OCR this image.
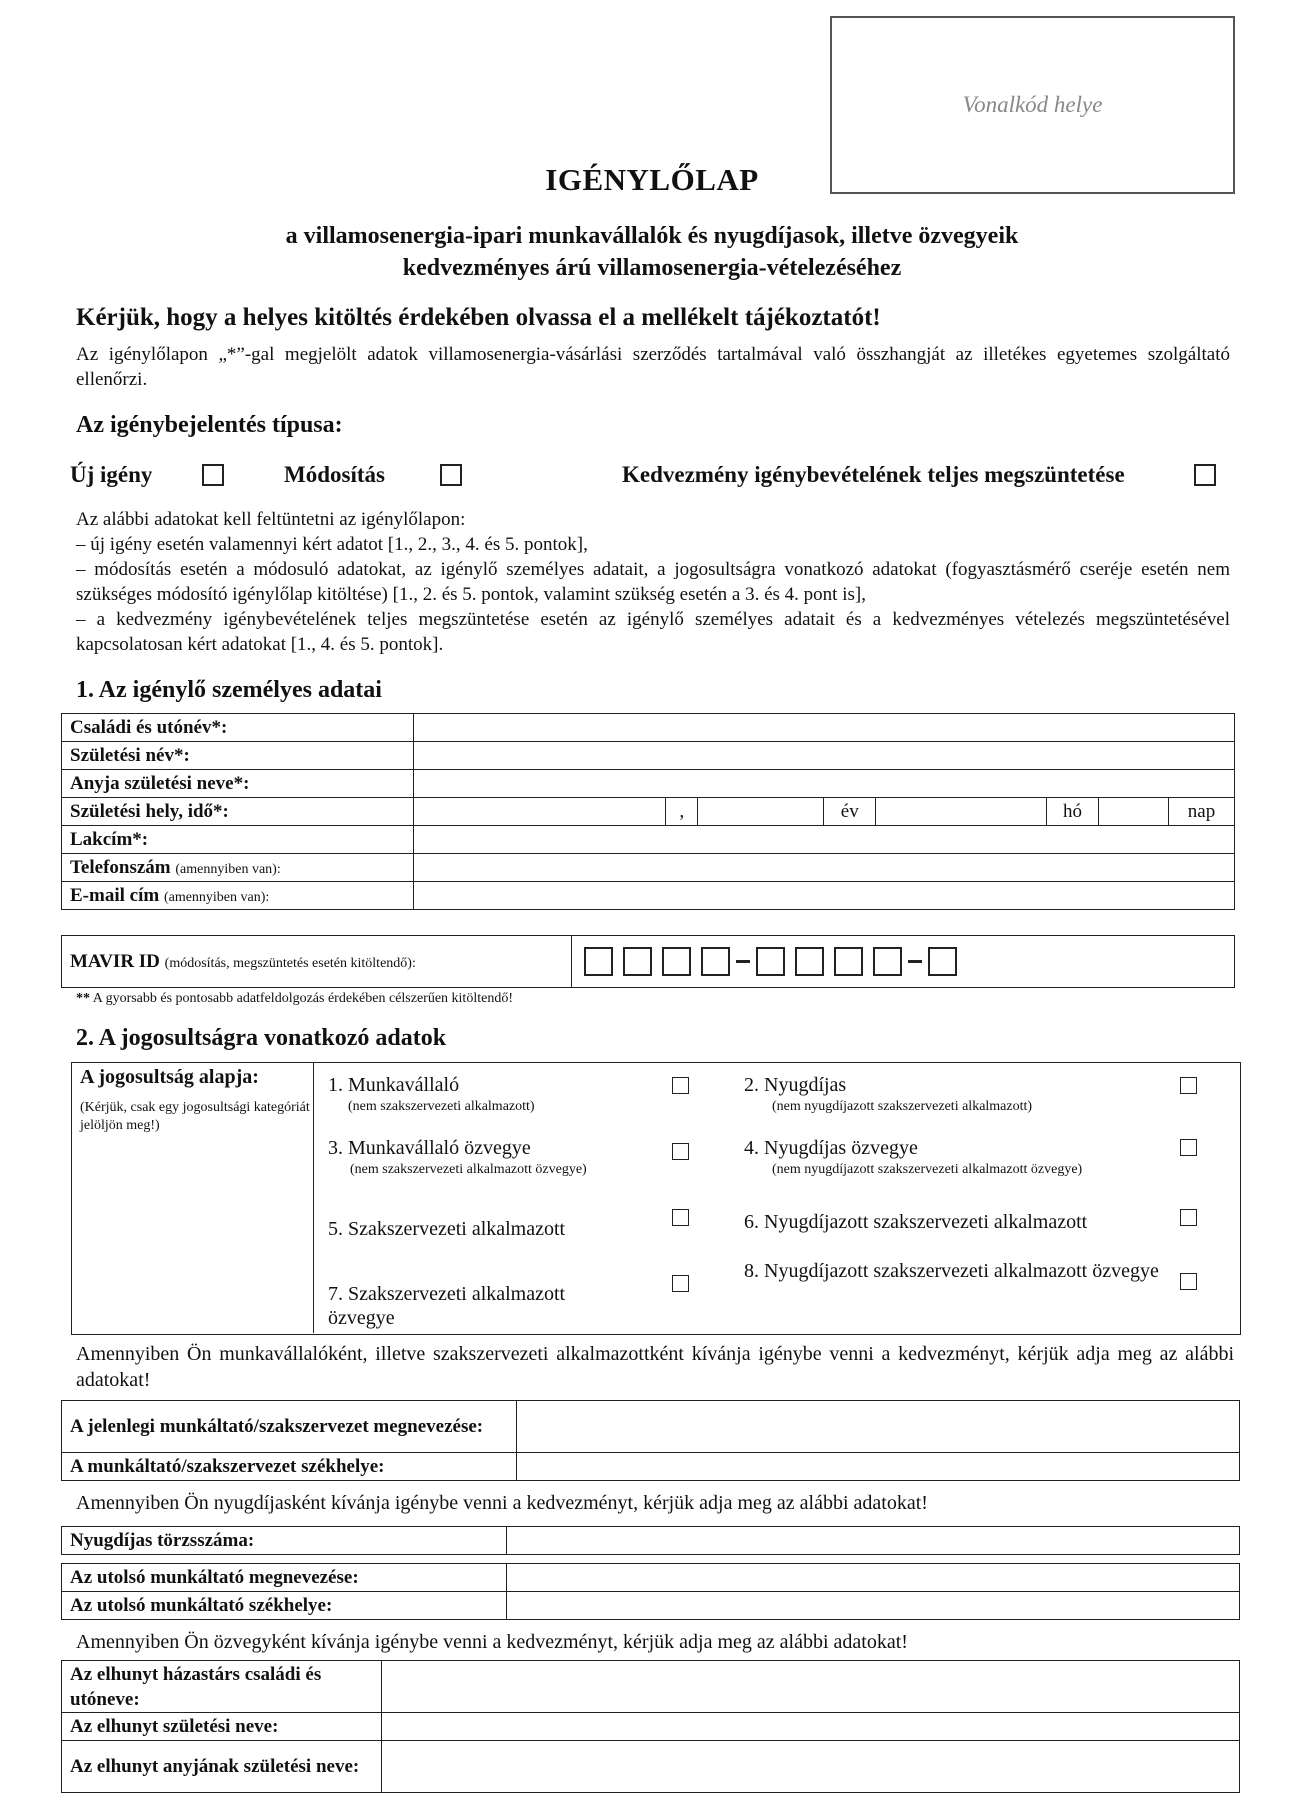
Vonalkód helye
IGÉNYLŐLAP
a villamosenergia-ipari munkavállalók és nyugdíjasok, illetve özvegyeik
kedvezményes árú villamosenergia-vételezéséhez
Kérjük, hogy a helyes kitöltés érdekében olvassa el a mellékelt tájékoztatót!
Az igénylőlapon „*”-gal megjelölt adatok villamosenergia-vásárlási szerződés tartalmával való összhangját az illetékes egyetemes szolgáltató ellenőrzi.
Az igénybejelentés típusa:
Új igény	Módosítás	Kedvezmény igénybevételének teljes megszüntetése
Az alábbi adatokat kell feltüntetni az igénylőlapon:
– új igény esetén valamennyi kért adatot [1., 2., 3., 4. és 5. pontok],
– módosítás esetén a módosuló adatokat, az igénylő személyes adatait, a jogosultságra vonatkozó adatokat (fogyasztásmérő cseréje esetén nem szükséges módosító igénylőlap kitöltése) [1., 2. és 5. pontok, valamint szükség esetén a 3. és 4. pont is],
– a kedvezmény igénybevételének teljes megszüntetése esetén az igénylő személyes adatait és a kedvezményes vételezés megszüntetésével kapcsolatosan kért adatokat [1., 4. és 5. pontok].
1. Az igénylő személyes adatai
Családi és utónév*:								
Születési név*:								
Anyja születési neve*:								
Születési hely, idő*:		,		év		hó		nap
Lakcím*:								
Telefonszám (amennyiben van):								
E-mail cím (amennyiben van):								
MAVIR ID (módosítás, megszüntetés esetén kitöltendő):	
** A gyorsabb és pontosabb adatfeldolgozás érdekében célszerűen kitöltendő!
2. A jogosultságra vonatkozó adatok
A jogosultság alapja:
(Kérjük, csak egy jogosultsági kategóriát jelöljön meg!)
1. Munkavállaló
(nem szakszervezeti alkalmazott)
2. Nyugdíjas
(nem nyugdíjazott szakszervezeti alkalmazott)
3. Munkavállaló özvegye
(nem szakszervezeti alkalmazott özvegye)
4. Nyugdíjas özvegye
(nem nyugdíjazott szakszervezeti alkalmazott özvegye)
5. Szakszervezeti alkalmazott	6. Nyugdíjazott szakszervezeti alkalmazott
7. Szakszervezeti alkalmazott özvegye
8. Nyugdíjazott szakszervezeti alkalmazott özvegye
Amennyiben Ön munkavállalóként, illetve szakszervezeti alkalmazottként kívánja igénybe venni a kedvezményt, kérjük adja meg az alábbi adatokat!
A jelenlegi munkáltató/szakszervezet megnevezése:	
A munkáltató/szakszervezet székhelye:	
Amennyiben Ön nyugdíjasként kívánja igénybe venni a kedvezményt, kérjük adja meg az alábbi adatokat!
Nyugdíjas törzsszáma:	
Az utolsó munkáltató megnevezése:	
Az utolsó munkáltató székhelye:	
Amennyiben Ön özvegyként kívánja igénybe venni a kedvezményt, kérjük adja meg az alábbi adatokat!
Az elhunyt házastárs családi és utóneve:	
Az elhunyt születési neve:	
Az elhunyt anyjának születési neve:	
